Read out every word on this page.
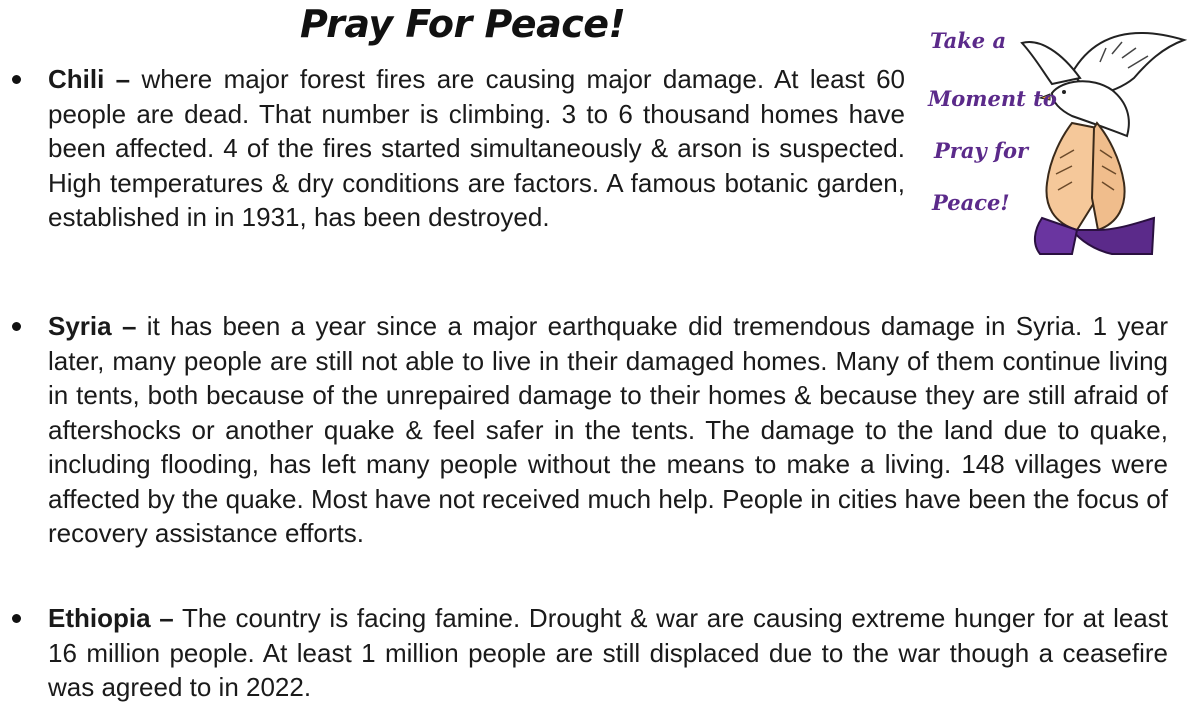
Pray For Peace!	Take a
Moment to
Pray for
Peace!
Chili – where major forest fires are causing major damage. At least 60 people are dead. That number is climbing. 3 to 6 thousand homes have been affected. 4 of the fires started simultaneously & arson is suspected. High temperatures & dry conditions are factors. A famous botanic garden, established in in 1931, has been destroyed.
Syria – it has been a year since a major earthquake did tremendous damage in Syria. 1 year later, many people are still not able to live in their damaged homes. Many of them continue living in tents, both because of the unrepaired damage to their homes & because they are still afraid of aftershocks or another quake & feel safer in the tents. The damage to the land due to quake, including flooding, has left many people without the means to make a living. 148 villages were affected by the quake. Most have not received much help. People in cities have been the focus of recovery assistance efforts.
Ethiopia – The country is facing famine. Drought & war are causing extreme hunger for at least 16 million people. At least 1 million people are still displaced due to the war though a ceasefire was agreed to in 2022.
